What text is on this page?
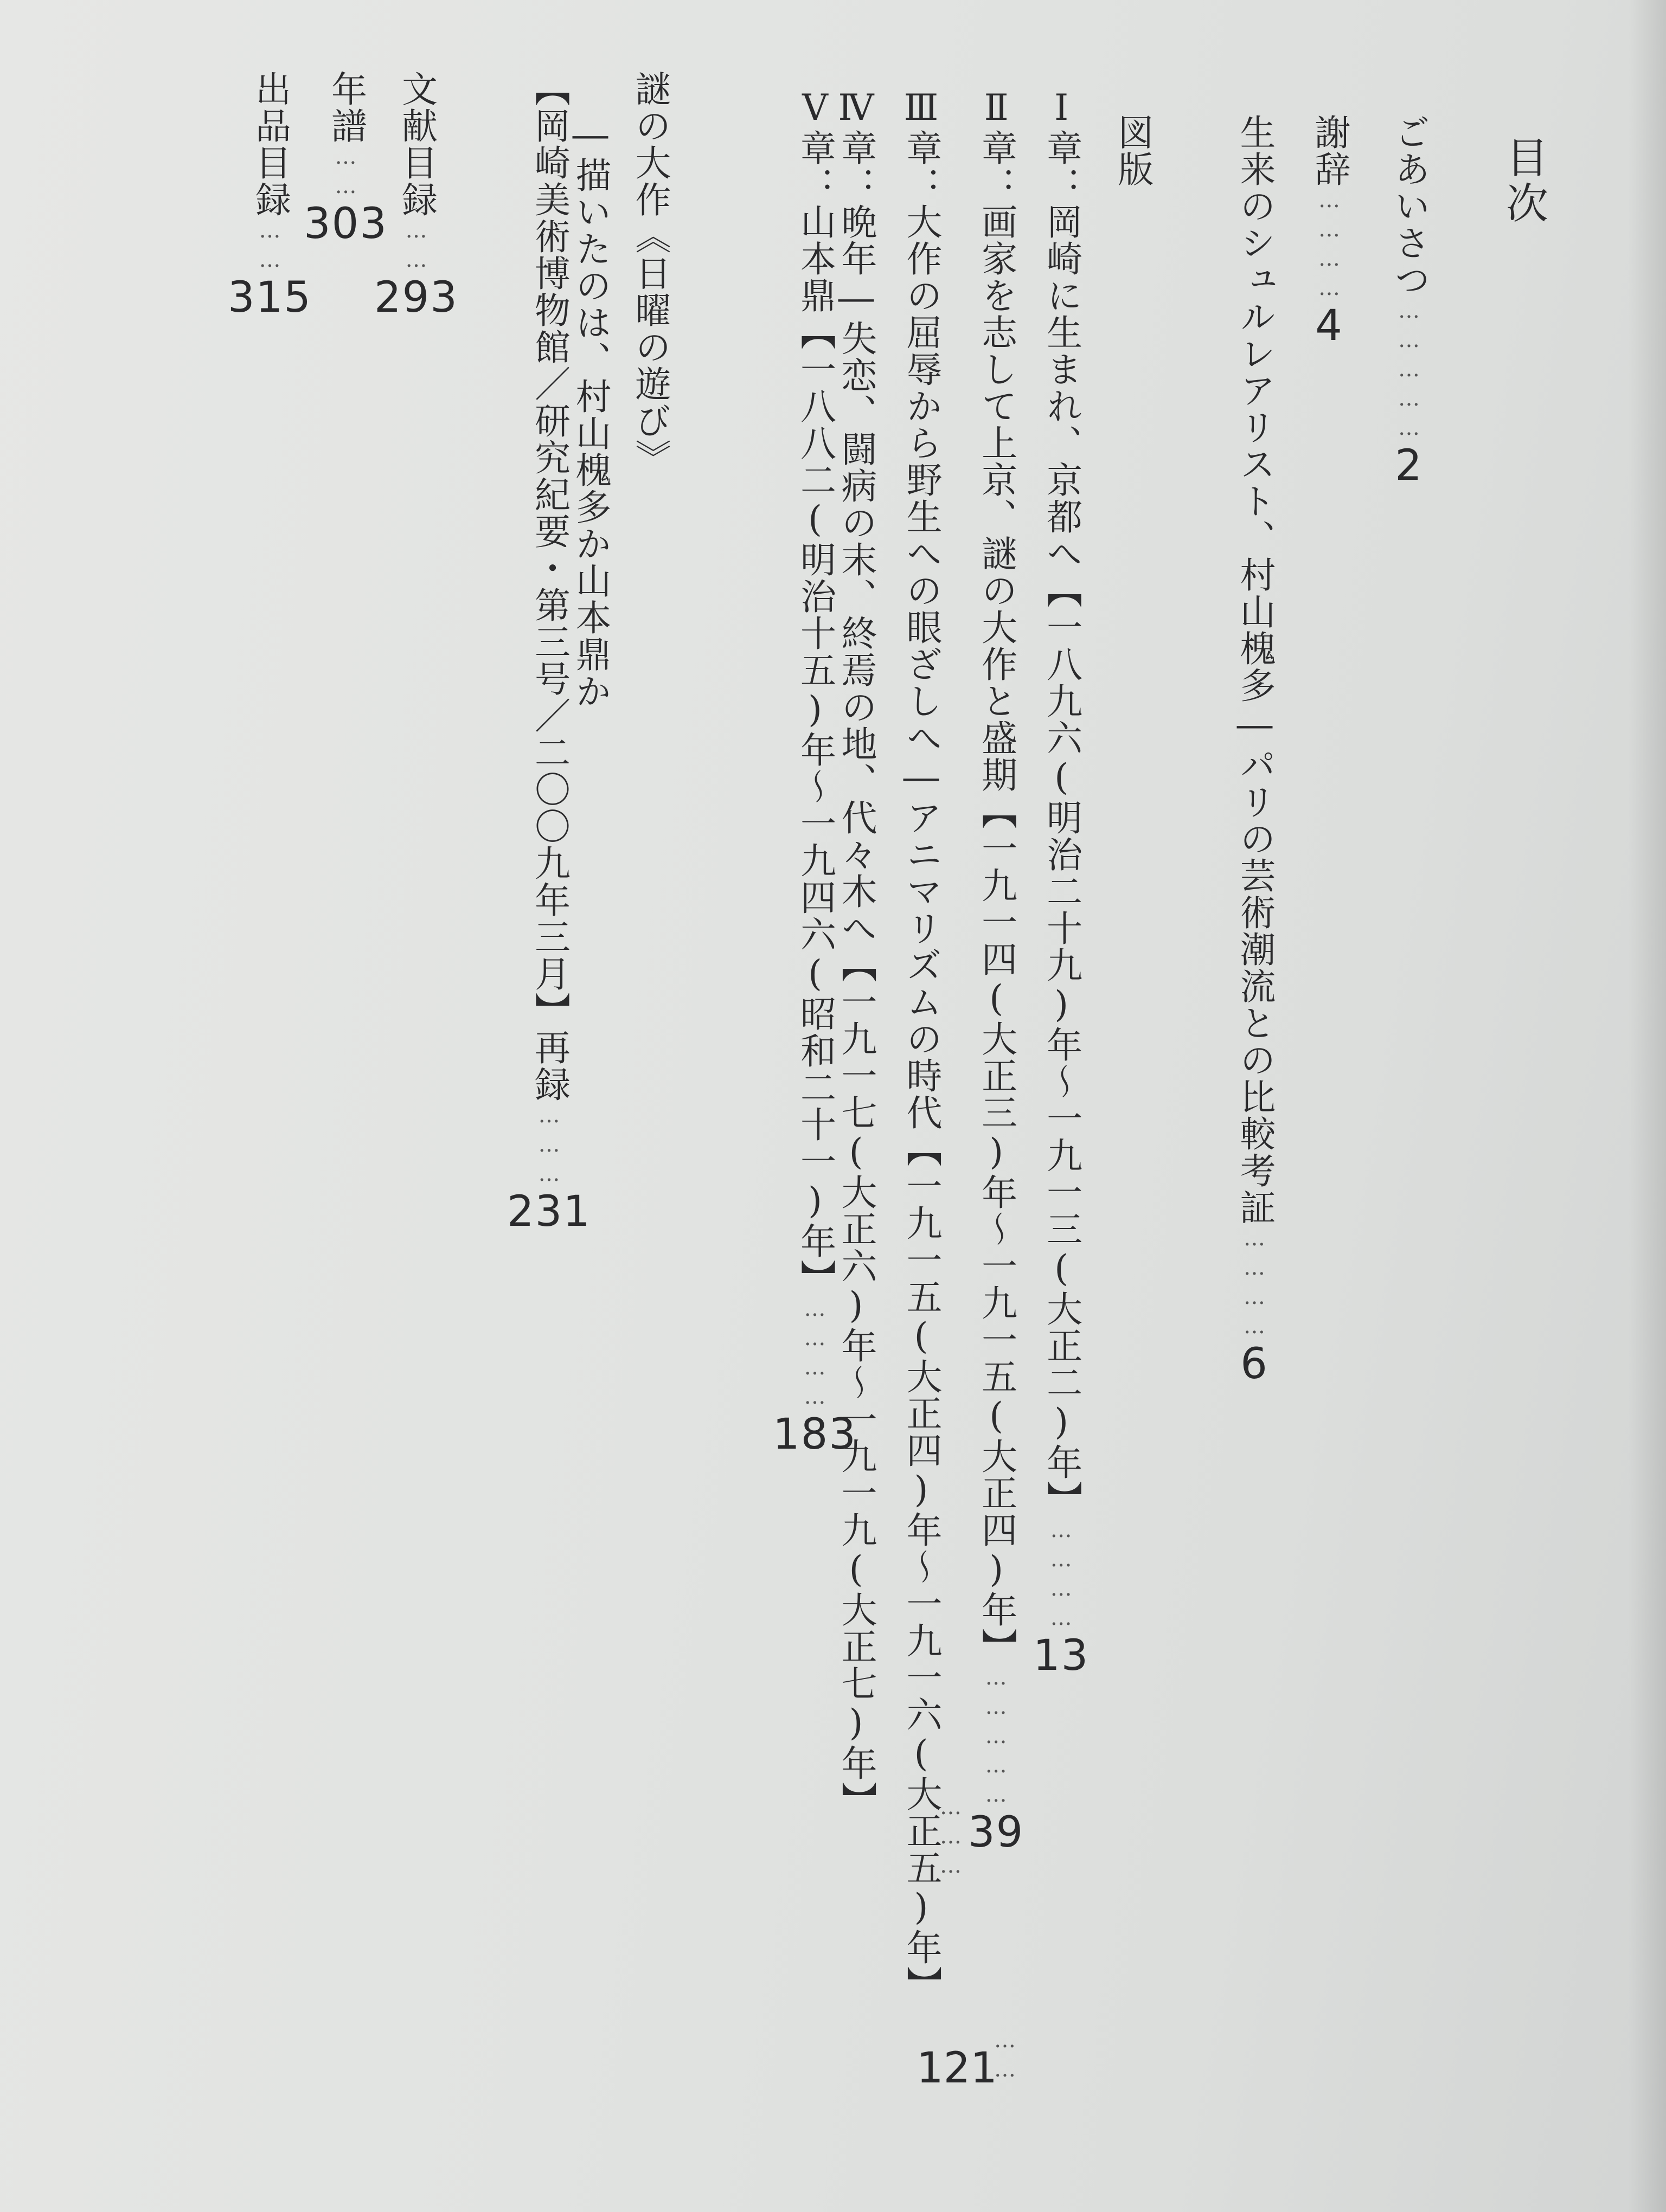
目次
ごあいさつ……………2
謝辞…………4
生来のシュルレアリスト、村山槐多―パリの芸術潮流との比較考証…………6
図版
Ⅰ章：岡崎に生まれ、京都へ【一八九六(明治二十九)年～一九一三(大正二)年】…………13
Ⅱ章：画家を志して上京、謎の大作と盛期【一九一四(大正三)年～一九一五(大正四)年】……………39
Ⅲ章：大作の屈辱から野生への眼ざしへ―アニマリズムの時代【一九一五(大正四)年～一九一六(大正五)年】
……
Ⅳ章：晩年―失恋、闘病の末、終焉の地、代々木へ【一九一七(大正六)年～一九一九(大正七)年】
………
121
Ⅴ章：山本鼎【一八八二(明治十五)年～一九四六(昭和二十一)年】…………183
謎の大作《日曜の遊び》
―描いたのは、村山槐多か山本鼎か
【岡崎美術博物館／研究紀要・第三号／二〇〇九年三月】再録………231
文献目録……293
年譜……303
出品目録……315
